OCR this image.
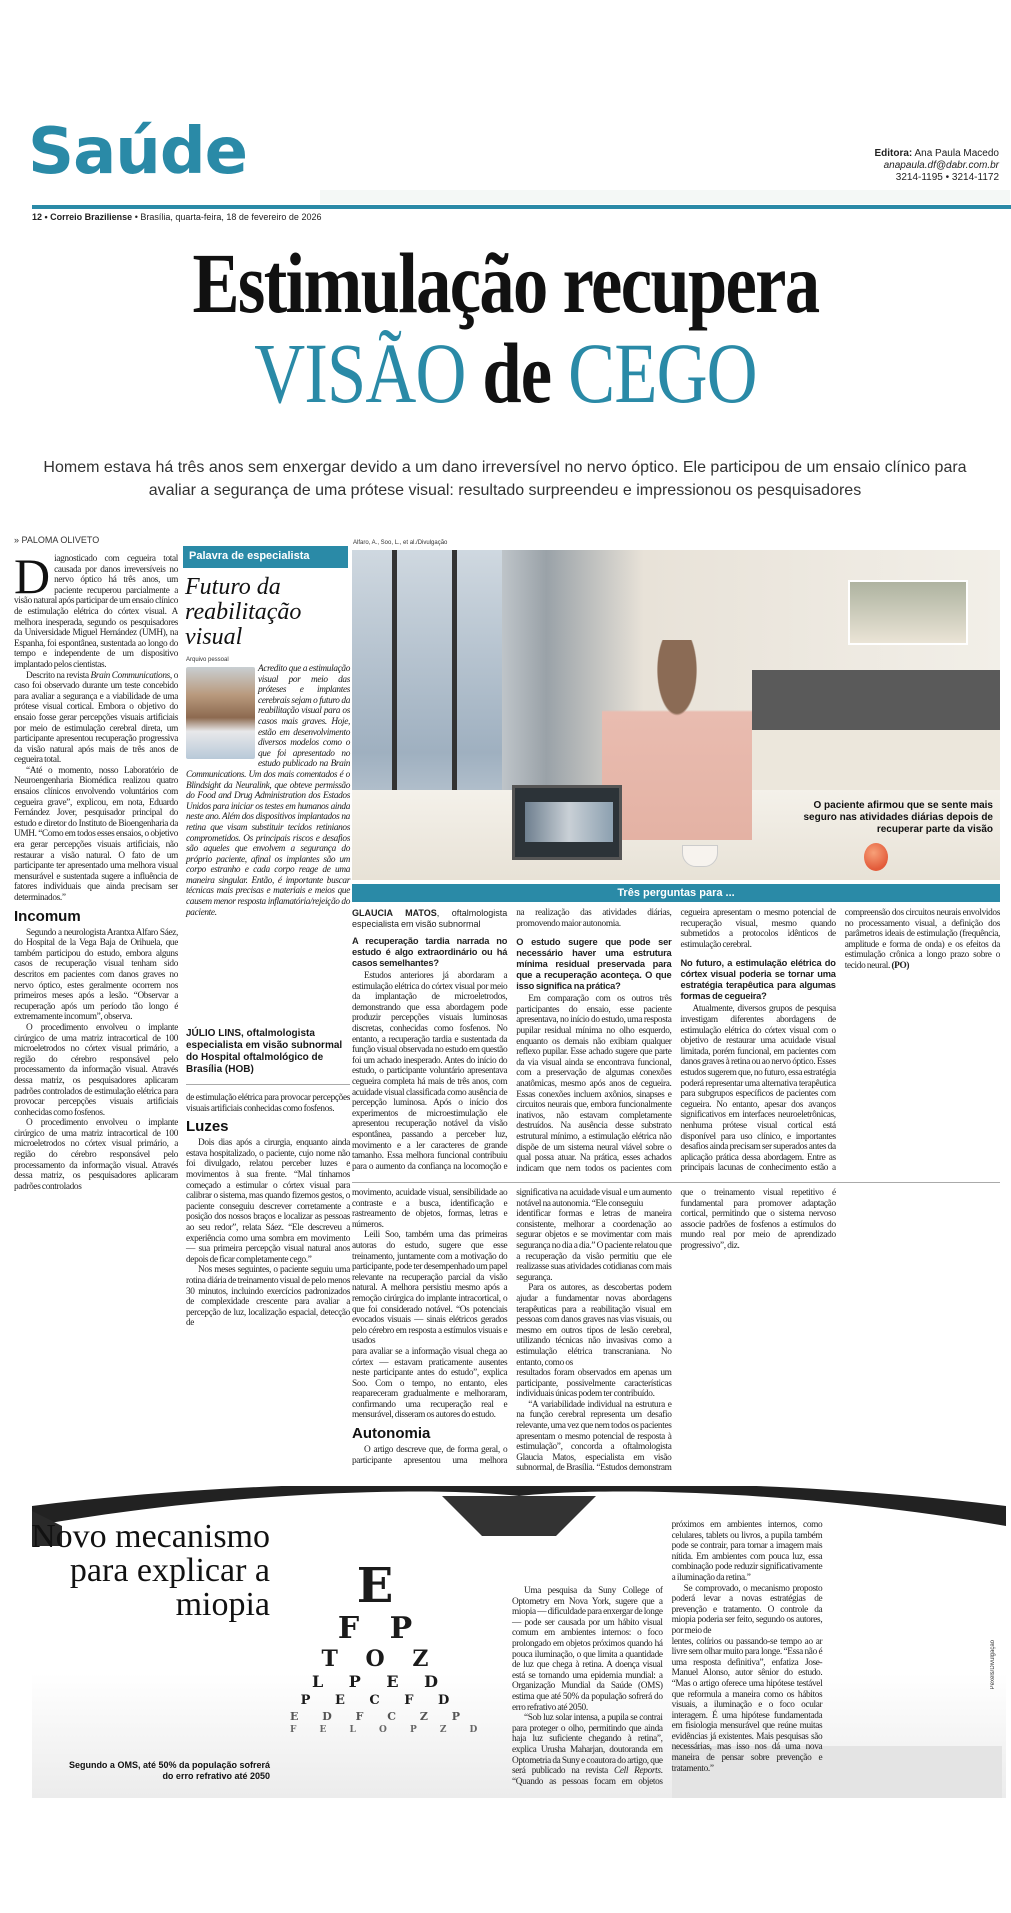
Saúde	Editora: Ana Paula Macedo
anapaula.df@dabr.com.br
3214-1195 • 3214-1172
12 • Correio Braziliense • Brasília, quarta-feira, 18 de fevereiro de 2026
Estimulação recupera
VISÃO de CEGO
Homem estava há três anos sem enxergar devido a um dano irreversível no nervo óptico. Ele participou de um ensaio clínico para avaliar a segurança de uma prótese visual: resultado surpreendeu e impressionou os pesquisadores
» PALOMA OLIVETO

Diagnosticado com cegueira total causada por danos irreversíveis no nervo óptico há três anos, um paciente recuperou parcialmente a visão natural após participar de um ensaio clínico de estimulação elétrica do córtex visual. A melhora inesperada, segundo os pesquisadores da Universidade Miguel Hernández (UMH), na Espanha, foi espontânea, sustentada ao longo do tempo e independente de um dispositivo implantado pelos cientistas.

Descrito na revista Brain Communications, o caso foi observado durante um teste concebido para avaliar a segurança e a viabilidade de uma prótese visual cortical. Embora o objetivo do ensaio fosse gerar percepções visuais artificiais por meio de estimulação cerebral direta, um participante apresentou recuperação progressiva da visão natural após mais de três anos de cegueira total.

“Até o momento, nosso Laboratório de Neuroengenharia Biomédica realizou quatro ensaios clínicos envolvendo voluntários com cegueira grave”, explicou, em nota, Eduardo Fernández Jover, pesquisador principal do estudo e diretor do Instituto de Bioengenharia da UMH. “Como em todos esses ensaios, o objetivo era gerar percepções visuais artificiais, não restaurar a visão natural. O fato de um participante ter apresentado uma melhora visual mensurável e sustentada sugere a influência de fatores individuais que ainda precisam ser determinados.”

Incomum

Segundo a neurologista Arantxa Alfaro Sáez, do Hospital de la Vega Baja de Orihuela, que também participou do estudo, embora alguns casos de recuperação visual tenham sido descritos em pacientes com danos graves no nervo óptico, estes geralmente ocorrem nos primeiros meses após a lesão. “Observar a recuperação após um período tão longo é extremamente incomum”, observa.

O procedimento envolveu o implante cirúrgico de uma matriz intracortical de 100 microeletrodos no córtex visual primário, a região do cérebro responsável pelo processamento da informação visual. Através dessa matriz, os pesquisadores aplicaram padrões controlados de estimulação elétrica para provocar percepções visuais artificiais conhecidas como fosfenos.

O procedimento envolveu o implante cirúrgico de uma matriz intracortical de 100 microeletrodos no córtex visual primário, a região do cérebro responsável pelo processamento da informação visual. Através dessa matriz, os pesquisadores aplicaram padrões controlados

Palavra de especialista
Futuro da reabilitação visual
Arquivo pessoal
Acredito que a estimulação visual por meio das próteses e implantes cerebrais sejam o futuro da reabilitação visual para os casos mais graves. Hoje, estão em desenvolvimento diversos modelos como o que foi apresentado no estudo publicado na Brain Communications. Um dos mais comentados é o Blindsight da Neuralink, que obteve permissão do Food and Drug Administration dos Estados Unidos para iniciar os testes em humanos ainda neste ano. Além dos dispositivos implantados na retina que visam substituir tecidos retinianos comprometidos. Os principais riscos e desafios são aqueles que envolvem a segurança do próprio paciente, afinal os implantes são um corpo estranho e cada corpo reage de uma maneira singular. Então, é importante buscar técnicas mais precisas e materiais e meios que causem menor resposta inflamatória/rejeição do paciente.
JÚLIO LINS, oftalmologista especialista em visão subnormal do Hospital oftalmológico de Brasília (HOB)

de estimulação elétrica para provocar percepções visuais artificiais conhecidas como fosfenos.

Luzes

Dois dias após a cirurgia, enquanto ainda estava hospitalizado, o paciente, cujo nome não foi divulgado, relatou perceber luzes e movimentos à sua frente. “Mal tínhamos começado a estimular o córtex visual para calibrar o sistema, mas quando fizemos gestos, o paciente conseguiu descrever corretamente a posição dos nossos braços e localizar as pessoas ao seu redor”, relata Sáez. “Ele descreveu a experiência como uma sombra em movimento — sua primeira percepção visual natural anos depois de ficar completamente cego.”

Nos meses seguintes, o paciente seguiu uma rotina diária de treinamento visual de pelo menos 30 minutos, incluindo exercícios padronizados de complexidade crescente para avaliar a percepção de luz, localização espacial, detecção de

Alfaro, A., Soo, L., et al./Divulgação
O paciente afirmou que se sente mais seguro nas atividades diárias depois de recuperar parte da visão
Três perguntas para ...
GLAUCIA MATOS, oftalmologista especialista em visão subnormal
A recuperação tardia narrada no estudo é algo extraordinário ou há casos semelhantes?

Estudos anteriores já abordaram a estimulação elétrica do córtex visual por meio da implantação de microeletrodos, demonstrando que essa abordagem pode produzir percepções visuais luminosas discretas, conhecidas como fosfenos. No entanto, a recuperação tardia e sustentada da função visual observada no estudo em questão foi um achado inesperado. Antes do início do estudo, o participante voluntário apresentava cegueira completa há mais de três anos, com acuidade visual classificada como ausência de percepção luminosa. Após o início dos experimentos de microestimulação ele apresentou recuperação notável da visão espontânea, passando a perceber luz, movimento e a ler caracteres de grande tamanho. Essa melhora funcional contribuiu para o aumento da confiança na locomoção e na realização das atividades diárias, promovendo maior autonomia.

O estudo sugere que pode ser necessário haver uma estrutura mínima residual preservada para que a recuperação aconteça. O que isso significa na prática?

Em comparação com os outros três participantes do ensaio, esse paciente apresentava, no início do estudo, uma resposta pupilar residual mínima no olho esquerdo, enquanto os demais não exibiam qualquer reflexo pupilar. Esse achado sugere que parte da via visual ainda se encontrava funcional, com a preservação de algumas conexões anatômicas, mesmo após anos de cegueira. Essas conexões incluem axônios, sinapses e circuitos neurais que, embora funcionalmente inativos, não estavam completamente destruídos. Na ausência desse substrato estrutural mínimo, a estimulação elétrica não dispõe de um sistema neural viável sobre o qual possa atuar. Na prática, esses achados indicam que nem todos os pacientes com cegueira apresentam o mesmo potencial de recuperação visual, mesmo quando submetidos a protocolos idênticos de estimulação cerebral.

No futuro, a estimulação elétrica do córtex visual poderia se tornar uma estratégia terapêutica para algumas formas de cegueira?

Atualmente, diversos grupos de pesquisa investigam diferentes abordagens de estimulação elétrica do córtex visual com o objetivo de restaurar uma acuidade visual limitada, porém funcional, em pacientes com danos graves à retina ou ao nervo óptico. Esses estudos sugerem que, no futuro, essa estratégia poderá representar uma alternativa terapêutica para subgrupos específicos de pacientes com cegueira. No entanto, apesar dos avanços significativos em interfaces neuroeletrônicas, nenhuma prótese visual cortical está disponível para uso clínico, e importantes desafios ainda precisam ser superados antes da aplicação prática dessa abordagem. Entre as principais lacunas de conhecimento estão a compreensão dos circuitos neurais envolvidos no processamento visual, a definição dos parâmetros ideais de estimulação (frequência, amplitude e forma de onda) e os efeitos da estimulação crônica a longo prazo sobre o tecido neural. (PO)

movimento, acuidade visual, sensibilidade ao contraste e a busca, identificação e rastreamento de objetos, formas, letras e números.

Leili Soo, também uma das primeiras autoras do estudo, sugere que esse treinamento, juntamente com a motivação do participante, pode ter desempenhado um papel relevante na recuperação parcial da visão natural. A melhora persistiu mesmo após a remoção cirúrgica do implante intracortical, o que foi considerado notável. “Os potenciais evocados visuais — sinais elétricos gerados pelo cérebro em resposta a estímulos visuais e usados

para avaliar se a informação visual chega ao córtex — estavam praticamente ausentes neste participante antes do estudo”, explica Soo. Com o tempo, no entanto, eles reapareceram gradualmente e melhoraram, confirmando uma recuperação real e mensurável, disseram os autores do estudo.

Autonomia

O artigo descreve que, de forma geral, o participante apresentou uma melhora significativa na acuidade visual e um aumento notável na autonomia. “Ele conseguiu

identificar formas e letras de maneira consistente, melhorar a coordenação ao segurar objetos e se movimentar com mais segurança no dia a dia.” O paciente relatou que a recuperação da visão permitiu que ele realizasse suas atividades cotidianas com mais segurança.

Para os autores, as descobertas podem ajudar a fundamentar novas abordagens terapêuticas para a reabilitação visual em pessoas com danos graves nas vias visuais, ou mesmo em outros tipos de lesão cerebral, utilizando técnicas não invasivas como a estimulação elétrica transcraniana. No entanto, como os

resultados foram observados em apenas um participante, possivelmente características individuais únicas podem ter contribuído.

“A variabilidade individual na estrutura e na função cerebral representa um desafio relevante, uma vez que nem todos os pacientes apresentam o mesmo potencial de resposta à estimulação”, concorda a oftalmologista Glaucia Matos, especialista em visão subnormal, de Brasília. “Estudos demonstram que o treinamento visual repetitivo é fundamental para promover adaptação cortical, permitindo que o sistema nervoso associe padrões de fosfenos a estímulos do mundo real por meio de aprendizado progressivo”, diz.

Novo mecanismo para explicar a miopia
Segundo a OMS, até 50% da população sofrerá do erro refrativo até 2050
E
F P
T O Z
L P E D
P E C F D
E D F C Z P
F E L O P Z D

Uma pesquisa da Suny College of Optometry em Nova York, sugere que a miopia — dificuldade para enxergar de longe — pode ser causada por um hábito visual comum em ambientes internos: o foco prolongado em objetos próximos quando há pouca iluminação, o que limita a quantidade de luz que chega à retina. A doença visual está se tornando uma epidemia mundial: a Organização Mundial da Saúde (OMS) estima que até 50% da população sofrerá do erro refrativo até 2050.

“Sob luz solar intensa, a pupila se contrai para proteger o olho, permitindo que ainda haja luz suficiente chegando à retina”, explica Urusha Maharjan, doutoranda em Optometria da Suny e coautora do artigo, que será publicado na revista Cell Reports. “Quando as pessoas focam em objetos próximos em ambientes internos, como celulares, tablets ou livros, a pupila também pode se contrair, para tornar a imagem mais nítida. Em ambientes com pouca luz, essa combinação pode reduzir significativamente a iluminação da retina.”

Se comprovado, o mecanismo proposto poderá levar a novas estratégias de prevenção e tratamento. O controle da miopia poderia ser feito, segundo os autores, por meio de

lentes, colírios ou passando-se tempo ao ar livre sem olhar muito para longe. “Essa não é uma resposta definitiva”, enfatiza Jose-Manuel Alonso, autor sênior do estudo. “Mas o artigo oferece uma hipótese testável que reformula a maneira como os hábitos visuais, a iluminação e o foco ocular interagem. É uma hipótese fundamentada em fisiologia mensurável que reúne muitas evidências já existentes. Mais pesquisas são necessárias, mas isso nos dá uma nova maneira de pensar sobre prevenção e tratamento.”

Pexels/Divulgação
